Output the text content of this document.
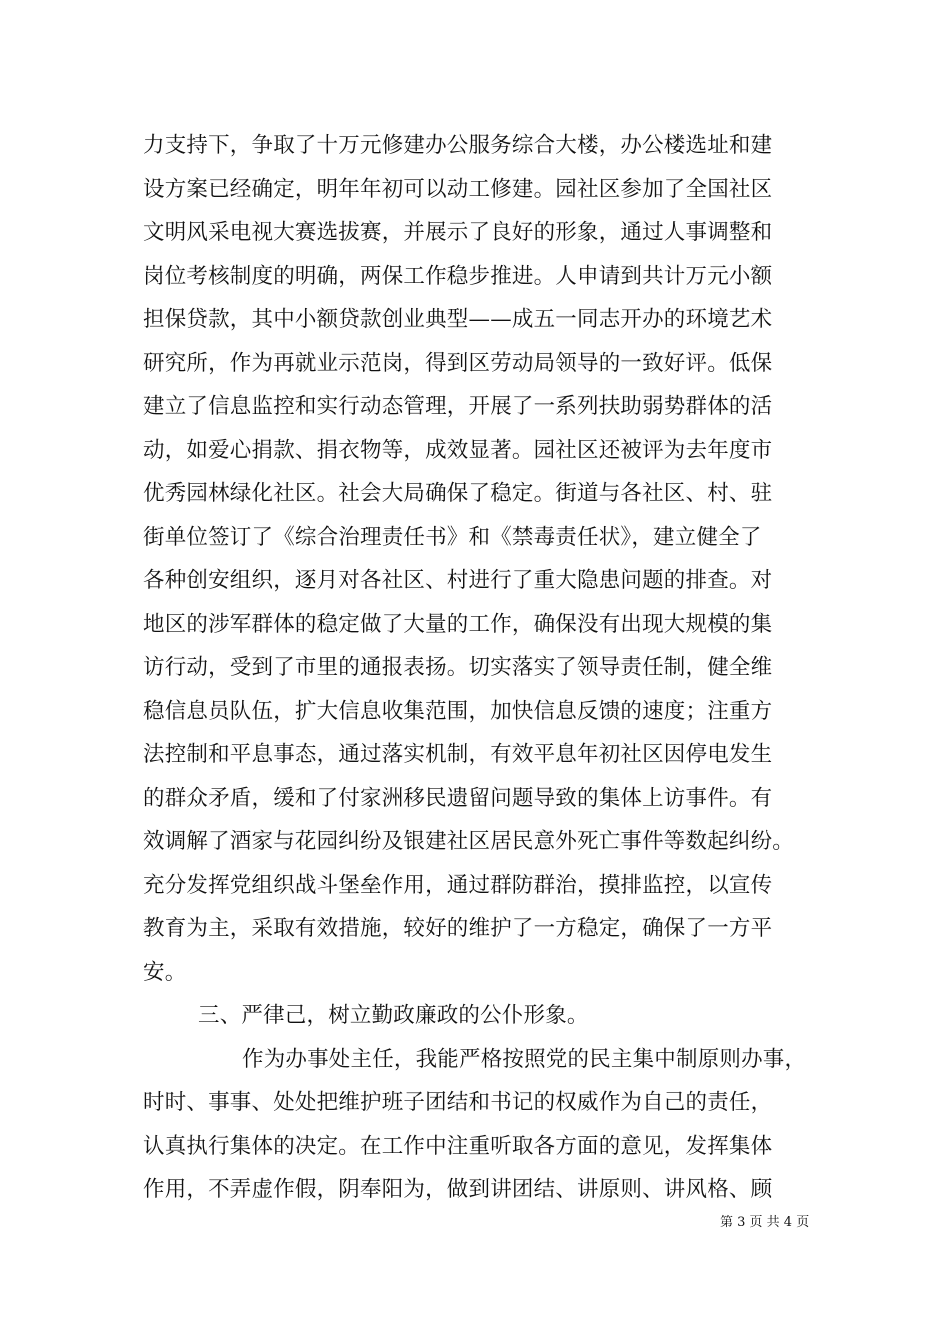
力支持下，争取了十万元修建办公服务综合大楼，办公楼选址和建
设方案已经确定，明年年初可以动工修建。园社区参加了全国社区
文明风采电视大赛选拔赛，并展示了良好的形象，通过人事调整和
岗位考核制度的明确，两保工作稳步推进。人申请到共计万元小额
担保贷款，其中小额贷款创业典型——成五一同志开办的环境艺术
研究所，作为再就业示范岗，得到区劳动局领导的一致好评。低保
建立了信息监控和实行动态管理，开展了一系列扶助弱势群体的活
动，如爱心捐款、捐衣物等，成效显著。园社区还被评为去年度市
优秀园林绿化社区。社会大局确保了稳定。街道与各社区、村、驻
街单位签订了《综合治理责任书》和《禁毒责任状》，建立健全了
各种创安组织，逐月对各社区、村进行了重大隐患问题的排查。对
地区的涉军群体的稳定做了大量的工作，确保没有出现大规模的集
访行动，受到了市里的通报表扬。切实落实了领导责任制，健全维
稳信息员队伍，扩大信息收集范围，加快信息反馈的速度；注重方
法控制和平息事态，通过落实机制，有效平息年初社区因停电发生
的群众矛盾，缓和了付家洲移民遗留问题导致的集体上访事件。有
效调解了酒家与花园纠纷及银建社区居民意外死亡事件等数起纠纷。
充分发挥党组织战斗堡垒作用，通过群防群治，摸排监控，以宣传
教育为主，采取有效措施，较好的维护了一方稳定，确保了一方平
安。
三、严律己，树立勤政廉政的公仆形象。
作为办事处主任，我能严格按照党的民主集中制原则办事，
时时、事事、处处把维护班子团结和书记的权威作为自己的责任，
认真执行集体的决定。在工作中注重听取各方面的意见，发挥集体
作用，不弄虚作假，阴奉阳为，做到讲团结、讲原则、讲风格、顾
第 3 页 共 4 页
